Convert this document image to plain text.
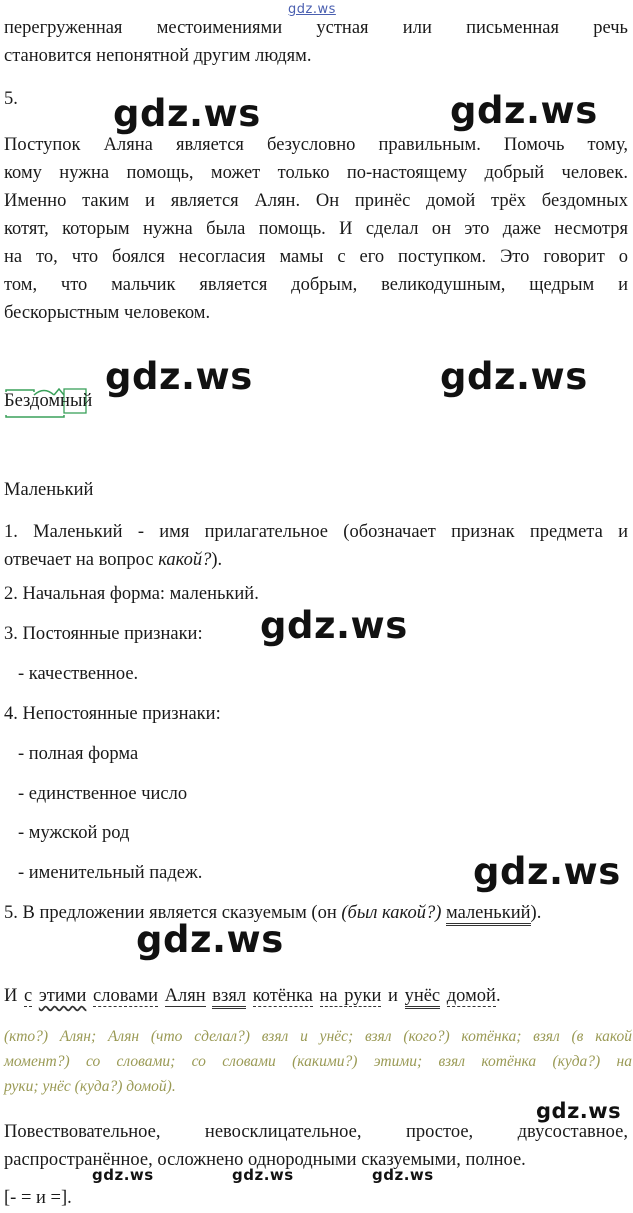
gdz.ws
перегруженная местоимениями устная или письменная речь
становится непонятной другим людям.
5.
Поступок Аляна является безусловно правильным. Помочь тому,
кому нужна помощь, может только по-настоящему добрый человек.
Именно таким и является Алян. Он принёс домой трёх бездомных
котят, которым нужна была помощь. И сделал он это даже несмотря
на то, что боялся несогласия мамы с его поступком. Это говорит о
том, что мальчик является добрым, великодушным, щедрым и
бескорыстным человеком.
Бездомный
Маленький
1. Маленький - имя прилагательное (обозначает признак предмета и
отвечает на вопрос какой?).
2. Начальная форма: маленький.
3. Постоянные признаки:
- качественное.
4. Непостоянные признаки:
- полная форма
- единственное число
- мужской род
- именительный падеж.
5. В предложении является сказуемым (он (был какой?) маленький).
И с этими словами Алян взял котёнка на руки и унёс домой.
(кто?) Алян; Алян (что сделал?) взял и унёс; взял (кого?) котёнка; взял (в какой
момент?) со словами; со словами (какими?) этими; взял котёнка (куда?) на
руки; унёс (куда?) домой).
Повествовательное, невосклицательное, простое, двусоставное,
распространённое, осложнено однородными сказуемыми, полное.
[- = и =].
gdz.ws	gdz.ws
gdz.ws	gdz.ws
gdz.ws
gdz.ws
gdz.ws
gdz.ws
gdz.ws	gdz.ws	gdz.ws
